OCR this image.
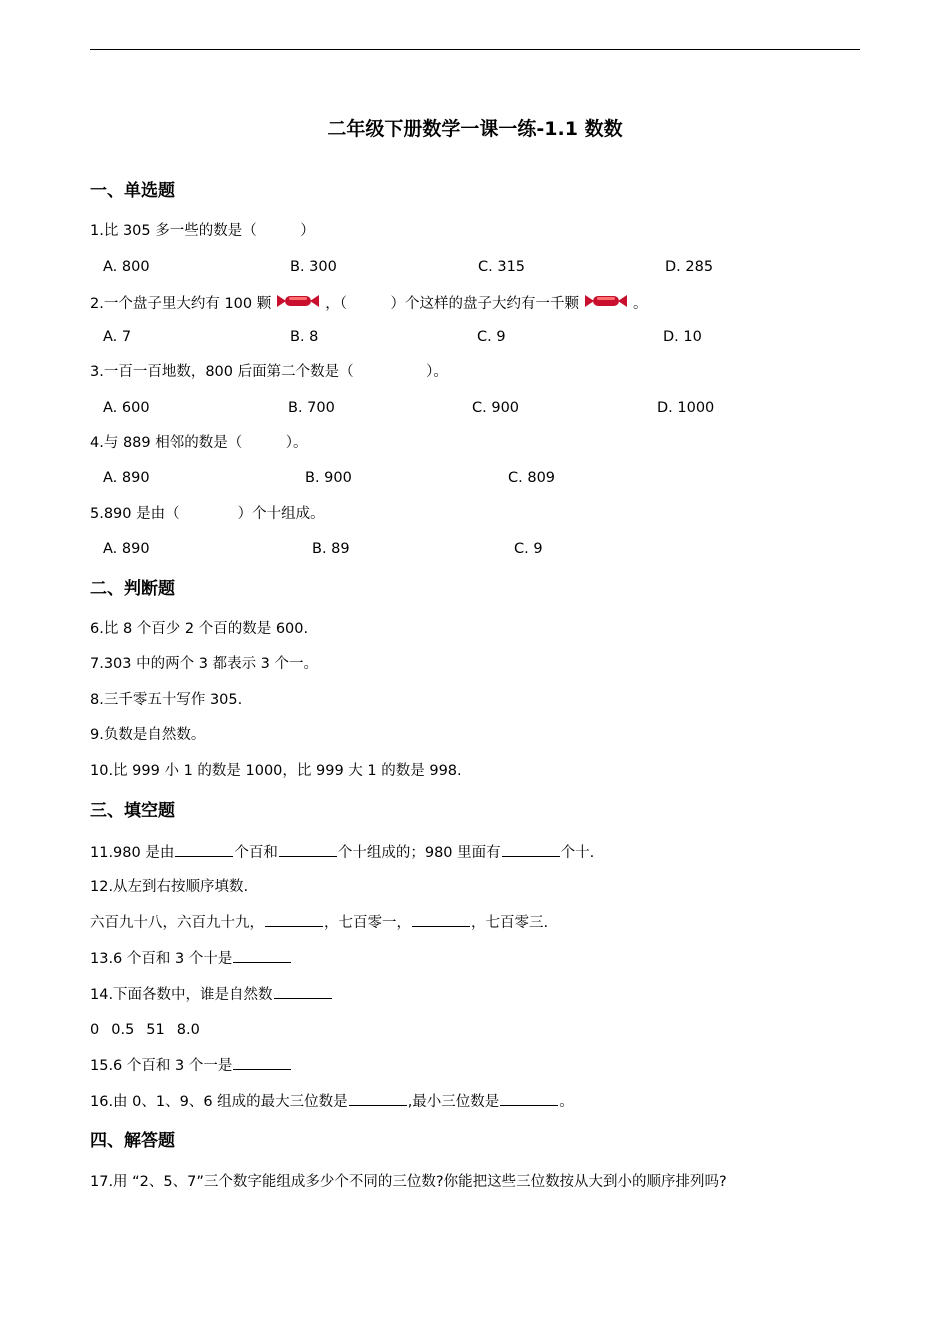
二年级下册数学一课一练-1.1 数数
一、单选题
1.比 305 多一些的数是（　　　）
A. 800	B. 300	C. 315	D. 285
2.一个盘子里大约有 100 颗	，（　　　）个这样的盘子大约有一千颗	。
A. 7	B. 8	C. 9	D. 10
3.一百一百地数，800 后面第二个数是（　　　　　）。
A. 600	B. 700	C. 900	D. 1000
4.与 889 相邻的数是（　　　）。
A. 890	B. 900	C. 809
5.890 是由（　　　　）个十组成。
A. 890	B. 89	C. 9
二、判断题
6.比 8 个百少 2 个百的数是 600.
7.303 中的两个 3 都表示 3 个一。
8.三千零五十写作 305.
9.负数是自然数。
10.比 999 小 1 的数是 1000，比 999 大 1 的数是 998.
三、填空题
11.980 是由	个百和	个十组成的；980 里面有	个十.
12.从左到右按顺序填数.
六百九十八，六百九十九，	，七百零一，	，七百零三.
13.6 个百和 3 个十是
14.下面各数中，谁是自然数
0 0.5 51 8.0
15.6 个百和 3 个一是
16.由 0、1、9、6 组成的最大三位数是	,最小三位数是	。
四、解答题
17.用 “2、5、7”三个数字能组成多少个不同的三位数?你能把这些三位数按从大到小的顺序排列吗?
